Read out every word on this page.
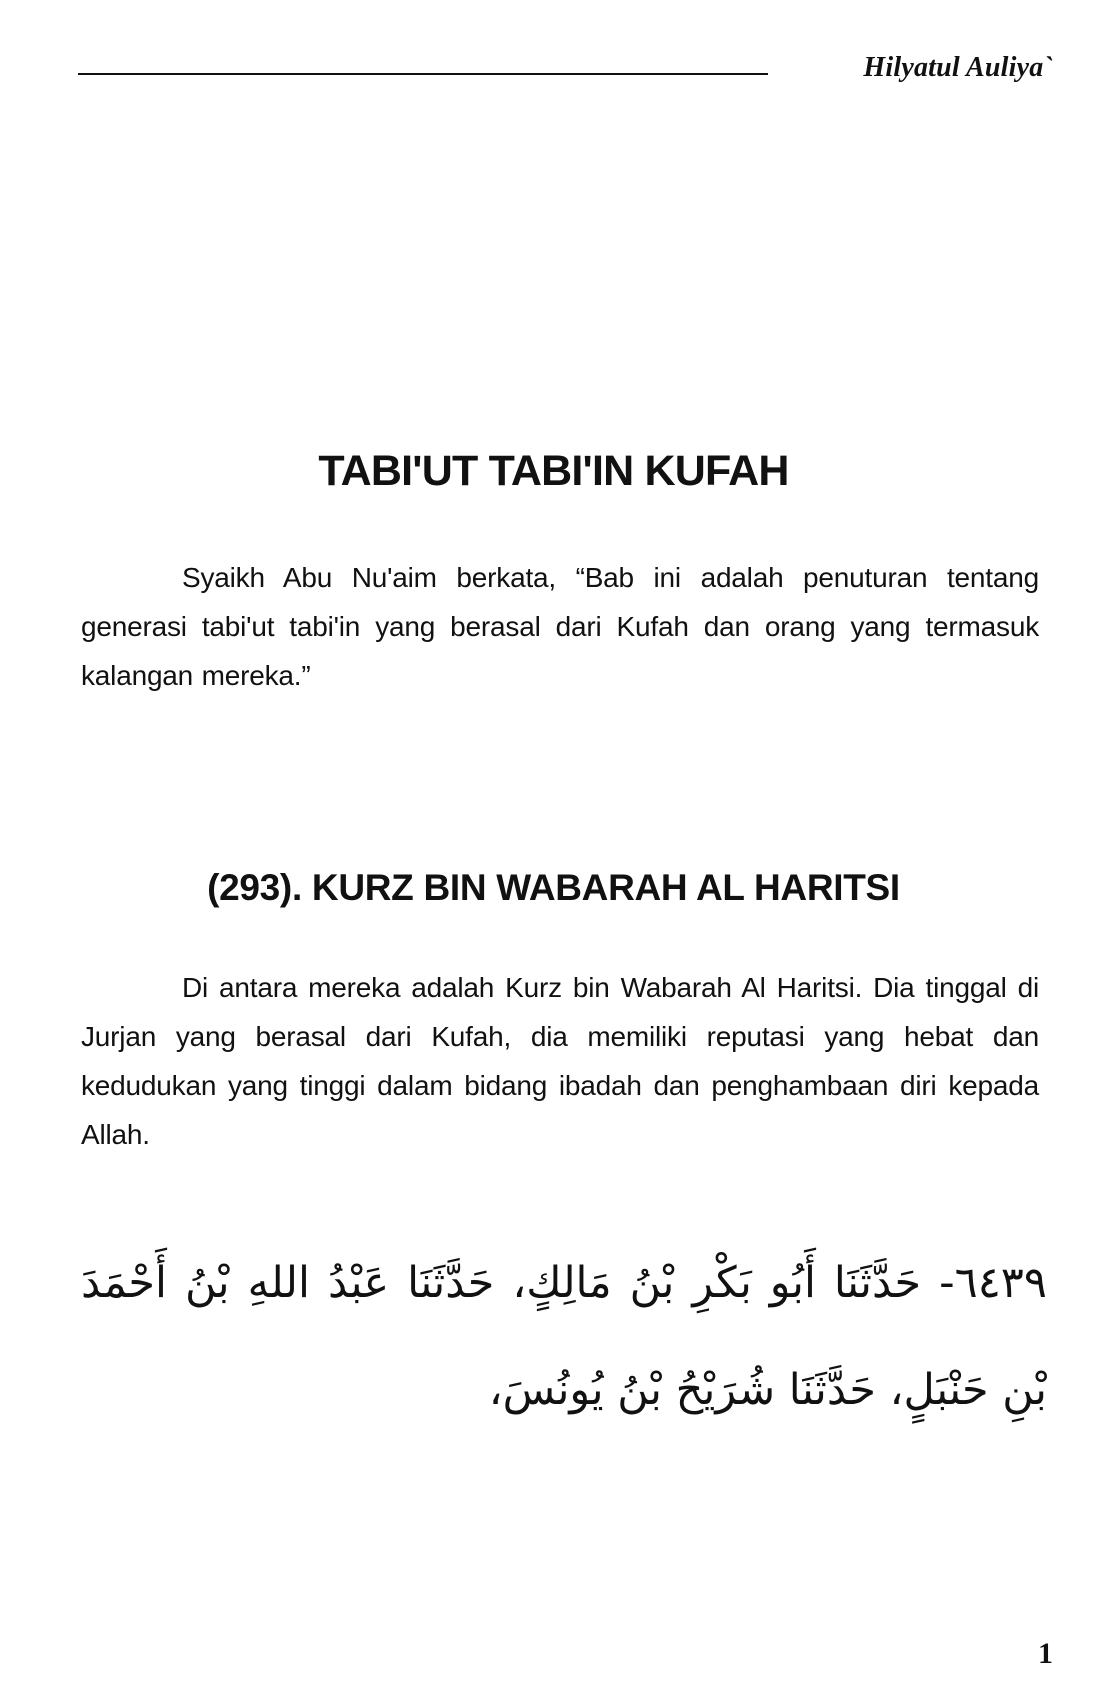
Hilyatul Auliya`
TABI'UT TABI'IN KUFAH

Syaikh Abu Nu'aim berkata, “Bab ini adalah penuturan tentang generasi tabi'ut tabi'in yang berasal dari Kufah dan orang yang termasuk kalangan mereka.”

(293). KURZ BIN WABARAH AL HARITSI

Di antara mereka adalah Kurz bin Wabarah Al Haritsi. Dia tinggal di Jurjan yang berasal dari Kufah, dia memiliki reputasi yang hebat dan kedudukan yang tinggi dalam bidang ibadah dan penghambaan diri kepada Allah.

٦٤٣٩- حَدَّثَنَا أَبُو بَكْرِ بْنُ مَالِكٍ، حَدَّثَنَا عَبْدُ اللهِ بْنُ أَحْمَدَ بْنِ حَنْبَلٍ، حَدَّثَنَا شُرَيْحُ بْنُ يُونُسَ،
1
